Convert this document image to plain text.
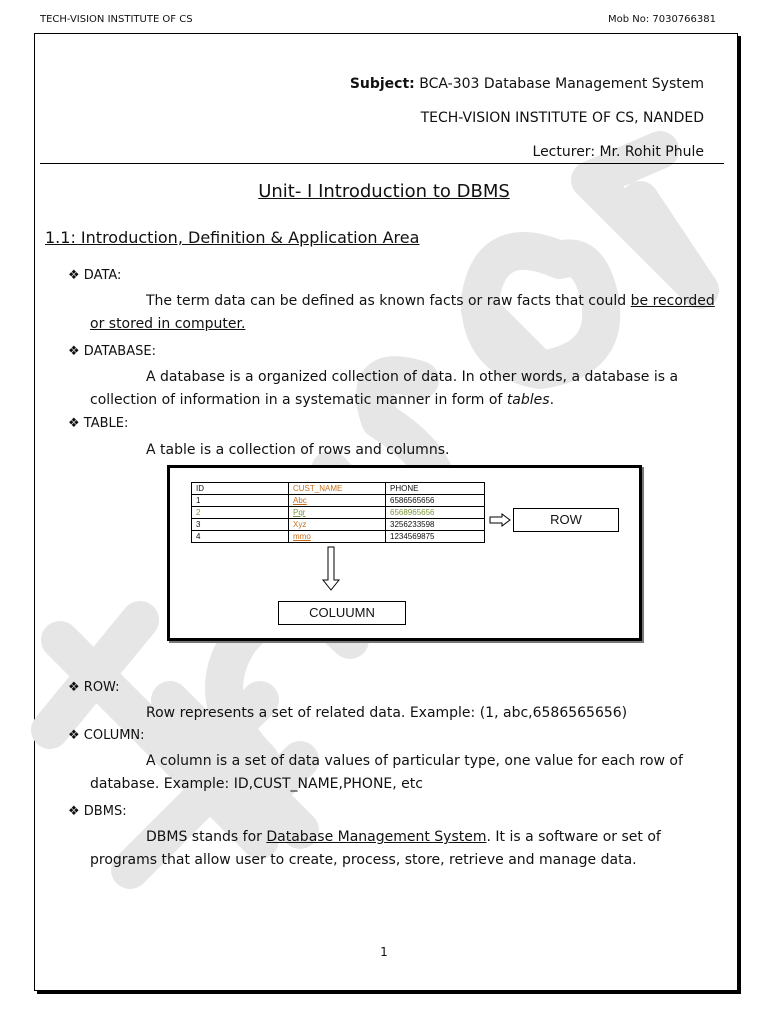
TECH-VISION INSTITUTE OF CS	Mob No: 7030766381
Subject: BCA-303 Database Management System
TECH-VISION INSTITUTE OF CS, NANDED
Lecturer: Mr. Rohit Phule
Unit- I Introduction to DBMS
1.1: Introduction, Definition & Application Area
❖ DATA:
The term data can be defined as known facts or raw facts that could be recorded
or stored in computer.
❖ DATABASE:
A database is a organized collection of data. In other words, a database is a
collection of information in a systematic manner in form of tables.
❖ TABLE:
A table is a collection of rows and columns.
ID	CUST_NAME	PHONE
1	Abc	6586565656
2	Pqr	6568965656
3	Xyz	3256233598
4	mmo	1234569875
ROW
COLUUMN
❖ ROW:
Row represents a set of related data. Example: (1, abc,6586565656)
❖ COLUMN:
A column is a set of data values of particular type, one value for each row of
database. Example: ID,CUST_NAME,PHONE, etc
❖ DBMS:
DBMS stands for Database Management System. It is a software or set of
programs that allow user to create, process, store, retrieve and manage data.
1
